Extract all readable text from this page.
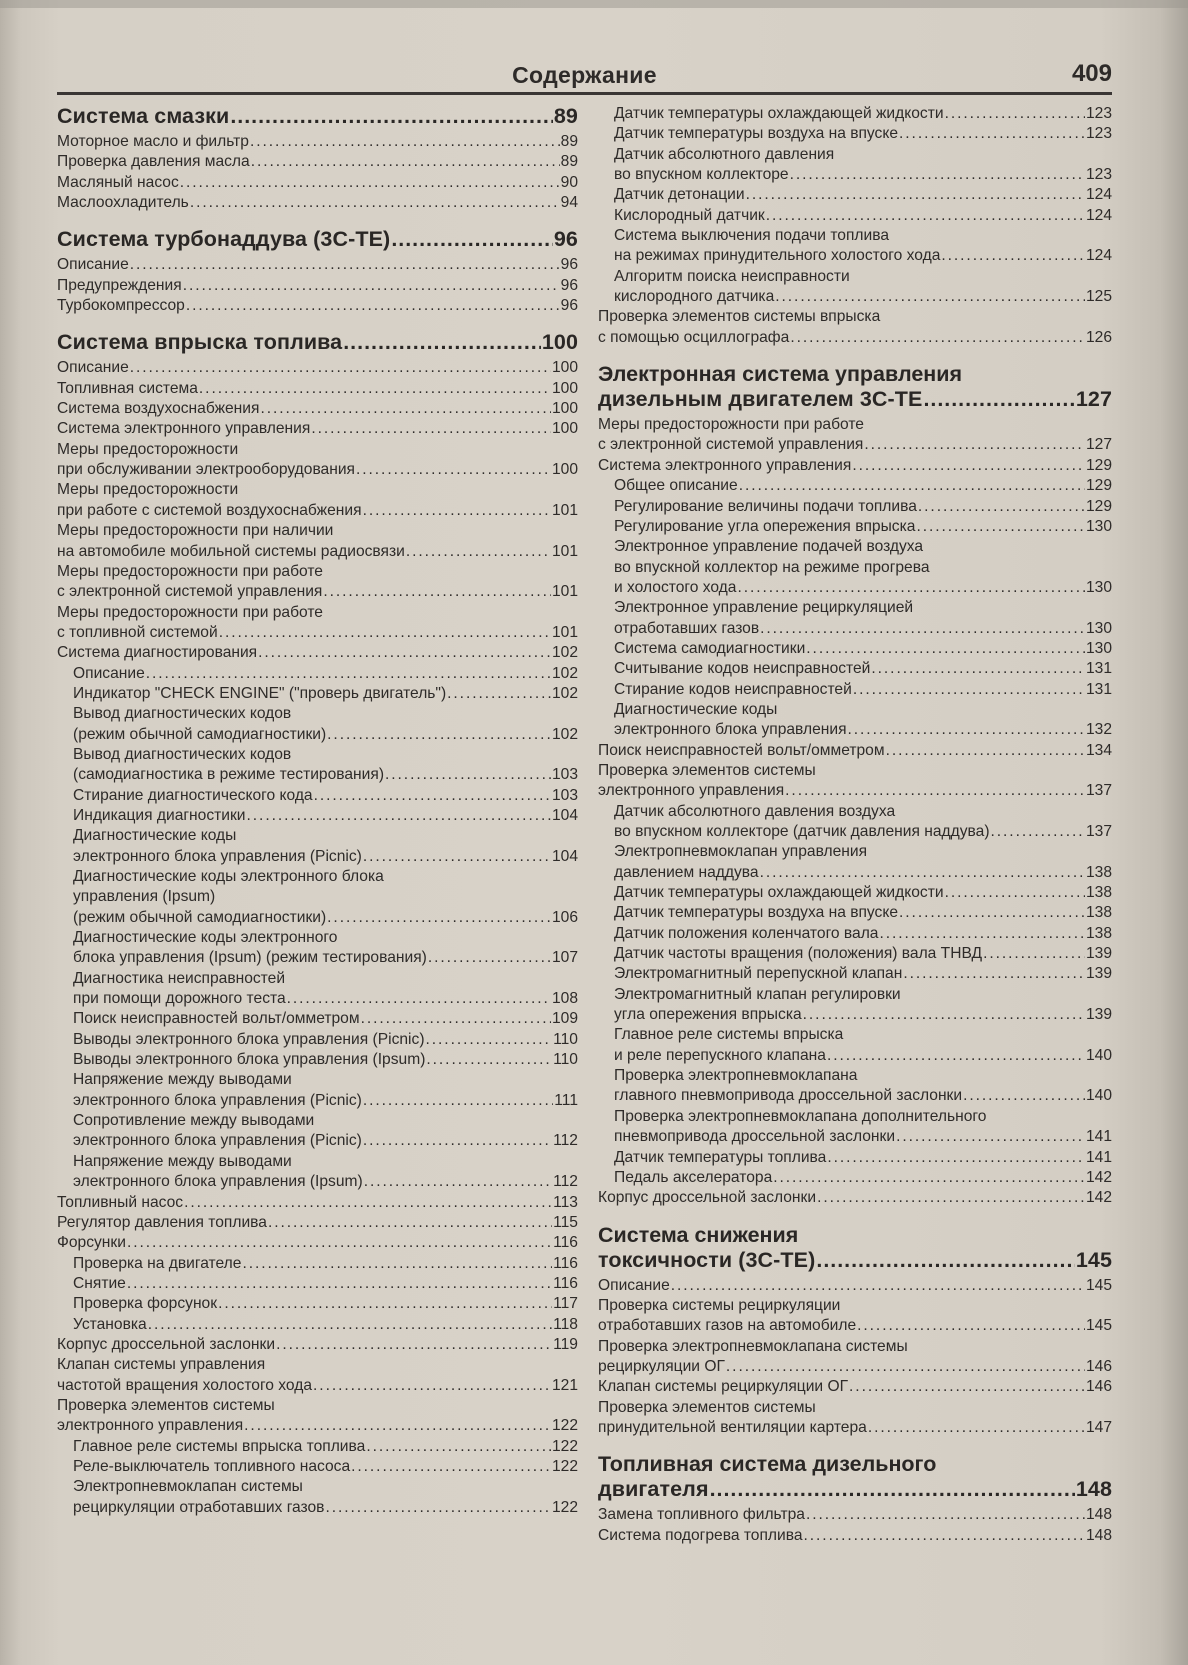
Содержание	409
Система смазки . . .	89
Моторное масло и фильтр . . .	89
Проверка давления масла . . .	89
Масляный насос . . .	90
Маслоохладитель . . .	94
Система турбонаддува (3С-ТЕ) . . .	96
Описание . . .	96
Предупреждения . . .	96
Турбокомпрессор . . .	96
Система впрыска топлива . . .	100
Описание . . .	100
Топливная система . . .	100
Система воздухоснабжения . . .	100
Система электронного управления . . .	100
Меры предосторожности
при обслуживании электрооборудования . . .	100
Меры предосторожности
при работе с системой воздухоснабжения . . .	101
Меры предосторожности при наличии
на автомобиле мобильной системы радиосвязи . . .	101
Меры предосторожности при работе
с электронной системой управления . . .	101
Меры предосторожности при работе
с топливной системой . . .	101
Система диагностирования . . .	102
Описание . . .	102
Индикатор "CHECK ENGINE" ("проверь двигатель") . . .	102
Вывод диагностических кодов
(режим обычной самодиагностики) . . .	102
Вывод диагностических кодов
(самодиагностика в режиме тестирования) . . .	103
Стирание диагностического кода . . .	103
Индикация диагностики . . .	104
Диагностические коды
электронного блока управления (Picnic) . . .	104
Диагностические коды электронного блока
управления (Ipsum)
(режим обычной самодиагностики) . . .	106
Диагностические коды электронного
блока управления (Ipsum) (режим тестирования) . . .	107
Диагностика неисправностей
при помощи дорожного теста . . .	108
Поиск неисправностей вольт/омметром . . .	109
Выводы электронного блока управления (Picnic) . . .	110
Выводы электронного блока управления (Ipsum) . . .	110
Напряжение между выводами
электронного блока управления (Picnic) . . .	111
Сопротивление между выводами
электронного блока управления (Picnic) . . .	112
Напряжение между выводами
электронного блока управления (Ipsum) . . .	112
Топливный насос . . .	113
Регулятор давления топлива . . .	115
Форсунки . . .	116
Проверка на двигателе . . .	116
Снятие . . .	116
Проверка форсунок . . .	117
Установка . . .	118
Корпус дроссельной заслонки . . .	119
Клапан системы управления
частотой вращения холостого хода . . .	121
Проверка элементов системы
электронного управления . . .	122
Главное реле системы впрыска топлива . . .	122
Реле-выключатель топливного насоса . . .	122
Электропневмоклапан системы
рециркуляции отработавших газов . . .	122
Датчик температуры охлаждающей жидкости . . .	123
Датчик температуры воздуха на впуске . . .	123
Датчик абсолютного давления
во впускном коллекторе . . .	123
Датчик детонации . . .	124
Кислородный датчик . . .	124
Система выключения подачи топлива
на режимах принудительного холостого хода . . .	124
Алгоритм поиска неисправности
кислородного датчика . . .	125
Проверка элементов системы впрыска
с помощью осциллографа . . .	126
Электронная система управления
дизельным двигателем 3С-ТЕ . . .	127
Меры предосторожности при работе
с электронной системой управления . . .	127
Система электронного управления . . .	129
Общее описание . . .	129
Регулирование величины подачи топлива . . .	129
Регулирование угла опережения впрыска . . .	130
Электронное управление подачей воздуха
во впускной коллектор на режиме прогрева
и холостого хода . . .	130
Электронное управление рециркуляцией
отработавших газов . . .	130
Система самодиагностики . . .	130
Считывание кодов неисправностей . . .	131
Стирание кодов неисправностей . . .	131
Диагностические коды
электронного блока управления . . .	132
Поиск неисправностей вольт/омметром . . .	134
Проверка элементов системы
электронного управления . . .	137
Датчик абсолютного давления воздуха
во впускном коллекторе (датчик давления наддува) . . .	137
Электропневмоклапан управления
давлением наддува . . .	138
Датчик температуры охлаждающей жидкости . . .	138
Датчик температуры воздуха на впуске . . .	138
Датчик положения коленчатого вала . . .	138
Датчик частоты вращения (положения) вала ТНВД . . .	139
Электромагнитный перепускной клапан . . .	139
Электромагнитный клапан регулировки
угла опережения впрыска . . .	139
Главное реле системы впрыска
и реле перепускного клапана . . .	140
Проверка электропневмоклапана
главного пневмопривода дроссельной заслонки . . .	140
Проверка электропневмоклапана дополнительного
пневмопривода дроссельной заслонки . . .	141
Датчик температуры топлива . . .	141
Педаль акселератора . . .	142
Корпус дроссельной заслонки . . .	142
Система снижения
токсичности (3С-ТЕ) . . .	145
Описание . . .	145
Проверка системы рециркуляции
отработавших газов на автомобиле . . .	145
Проверка электропневмоклапана системы
рециркуляции ОГ . . .	146
Клапан системы рециркуляции ОГ . . .	146
Проверка элементов системы
принудительной вентиляции картера . . .	147
Топливная система дизельного
двигателя . . .	148
Замена топливного фильтра . . .	148
Система подогрева топлива . . .	148
